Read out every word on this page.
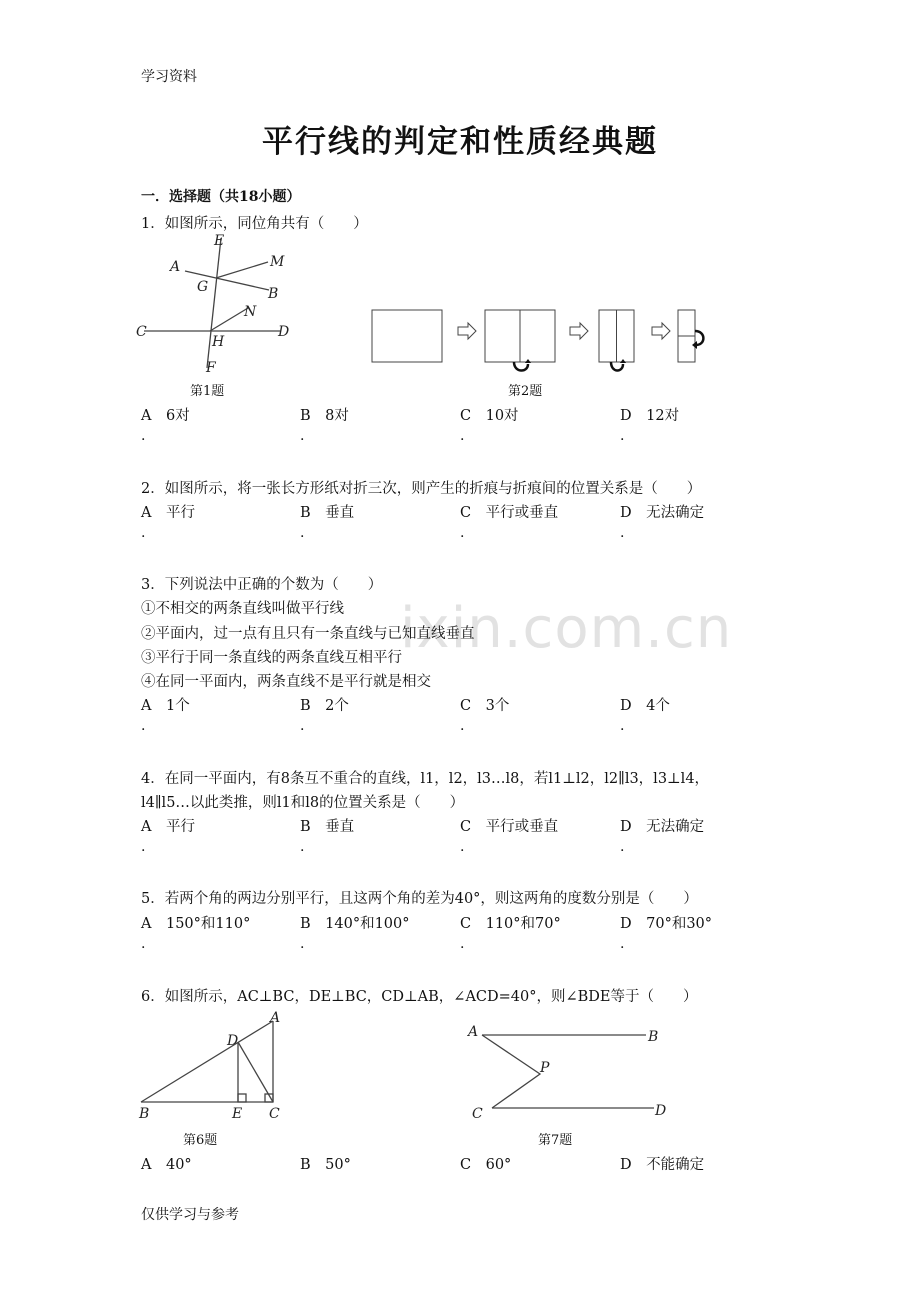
学习资料
ixin.com.cn
平行线的判定和性质经典题
一．选择题（共18小题）
1．如图所示，同位角共有（　　）
E
A	M
G	B
N
C	D
H
F
第1题	第2题
A　6对	B　8对	C　10对	D　12对
.	.	.	.
2．如图所示，将一张长方形纸对折三次，则产生的折痕与折痕间的位置关系是（　　）
A　平行	B　垂直	C　平行或垂直	D　无法确定
.	.	.	.
3．下列说法中正确的个数为（　　）
①不相交的两条直线叫做平行线
②平面内，过一点有且只有一条直线与已知直线垂直
③平行于同一条直线的两条直线互相平行
④在同一平面内，两条直线不是平行就是相交
A　1个	B　2个	C　3个	D　4个
.	.	.	.
4．在同一平面内，有8条互不重合的直线，l1，l2，l3…l8，若l1⊥l2，l2∥l3，l3⊥l4，
l4∥l5…以此类推，则l1和l8的位置关系是（　　）
A　平行	B　垂直	C　平行或垂直	D　无法确定
.	.	.	.
5．若两个角的两边分别平行，且这两个角的差为40°，则这两角的度数分别是（　　）
A　150°和110°	B　140°和100°	C　110°和70°	D　70°和30°
.	.	.	.
6．如图所示，AC⊥BC，DE⊥BC，CD⊥AB，∠ACD=40°，则∠BDE等于（　　）
A
D
B	E C
A	B
P
C	D
第6题	第7题
A　40°	B　50°	C　60°	D　不能确定
仅供学习与参考
